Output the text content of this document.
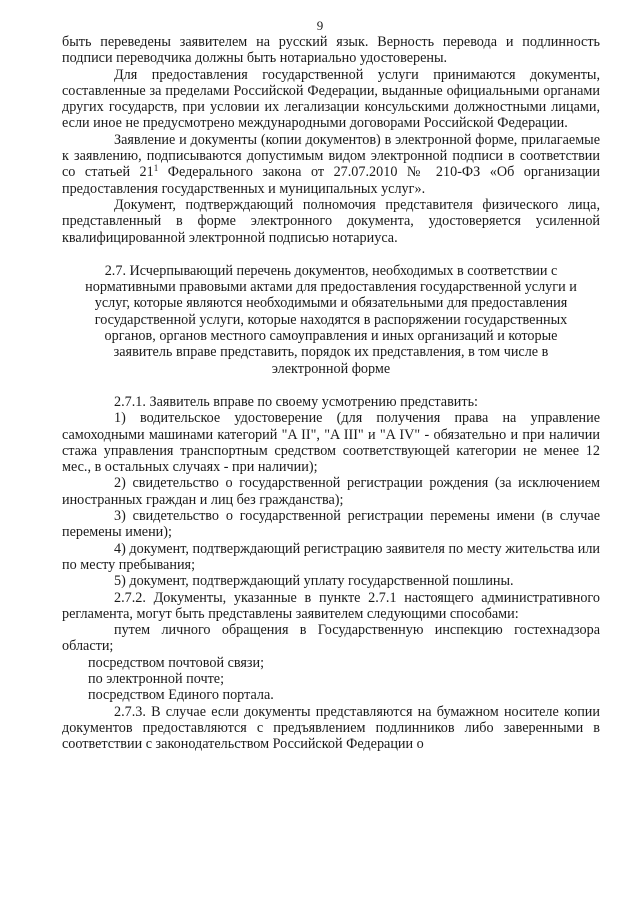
9

быть переведены заявителем на русский язык. Верность перевода и подлинность подписи переводчика должны быть нотариально удостоверены.

Для предоставления государственной услуги принимаются документы, составленные за пределами Российской Федерации, выданные официальными органами других государств, при условии их легализации консульскими должностными лицами, если иное не предусмотрено международными договорами Российской Федерации.

Заявление и документы (копии документов) в электронной форме, прилагаемые к заявлению, подписываются допустимым видом электронной подписи в соответствии со статьей $21^1$ Федерального закона от 27.07.2010 № 210-ФЗ «Об организации предоставления государственных и муниципальных услуг».

Документ, подтверждающий полномочия представителя физического лица, представленный в форме электронного документа, удостоверяется усиленной квалифицированной электронной подписью нотариуса.

2.7. Исчерпывающий перечень документов, необходимых в соответствии с нормативными правовыми актами для предоставления государственной услуги и услуг, которые являются необходимыми и обязательными для предоставления государственной услуги, которые находятся в распоряжении государственных органов, органов местного самоуправления и иных организаций и которые заявитель вправе представить, порядок их представления, в том числе в электронной форме

2.7.1. Заявитель вправе по своему усмотрению представить:

1) водительское удостоверение (для получения права на управление самоходными машинами категорий "A II", "A III" и "A IV" - обязательно и при наличии стажа управления транспортным средством соответствующей категории не менее 12 мес., в остальных случаях - при наличии);

2) свидетельство о государственной регистрации рождения (за исключением иностранных граждан и лиц без гражданства);

3) свидетельство о государственной регистрации перемены имени (в случае перемены имени);

4) документ, подтверждающий регистрацию заявителя по месту жительства или по месту пребывания;

5) документ, подтверждающий уплату государственной пошлины.

2.7.2. Документы, указанные в пункте 2.7.1 настоящего административного регламента, могут быть представлены заявителем следующими способами:

путем личного обращения в Государственную инспекцию гостехнадзора области;

посредством почтовой связи;

по электронной почте;

посредством Единого портала.

2.7.3. В случае если документы представляются на бумажном носителе копии документов предоставляются с предъявлением подлинников либо заверенными в соответствии с законодательством Российской Федерации о
